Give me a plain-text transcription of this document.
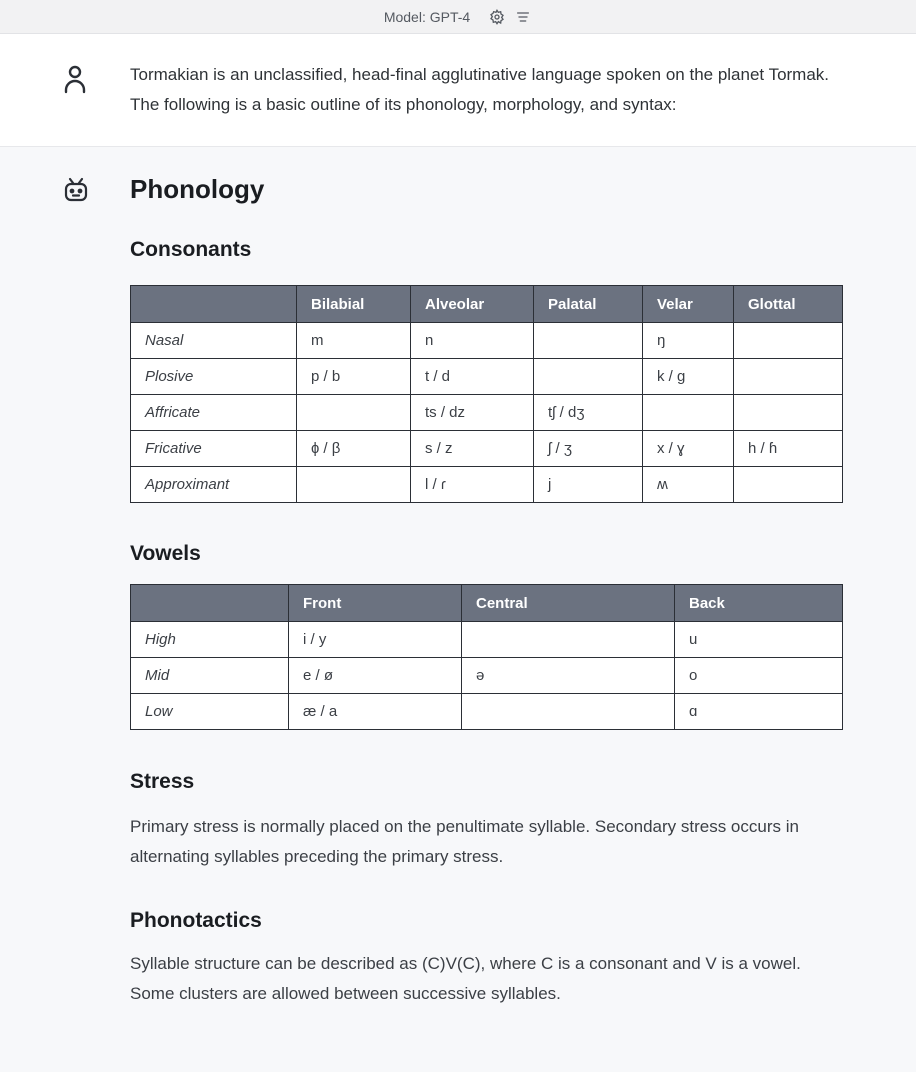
Model: GPT-4
Tormakian is an unclassified, head-final agglutinative language spoken on the planet Tormak. The following is a basic outline of its phonology, morphology, and syntax:
Phonology
Consonants
	Bilabial	Alveolar	Palatal	Velar	Glottal
Nasal	m	n		ŋ	
Plosive	p / b	t / d		k / g	
Affricate		ts / dz	tʃ / dʒ		
Fricative	ɸ / β	s / z	ʃ / ʒ	x / ɣ	h / ɦ
Approximant		l / ɾ	j	ʍ	
Vowels
	Front	Central	Back
High	i / y		u
Mid	e / ø	ə	o
Low	æ / a		ɑ
Stress

Primary stress is normally placed on the penultimate syllable. Secondary stress occurs in alternating syllables preceding the primary stress.

Phonotactics

Syllable structure can be described as (C)V(C), where C is a consonant and V is a vowel. Some clusters are allowed between successive syllables.
